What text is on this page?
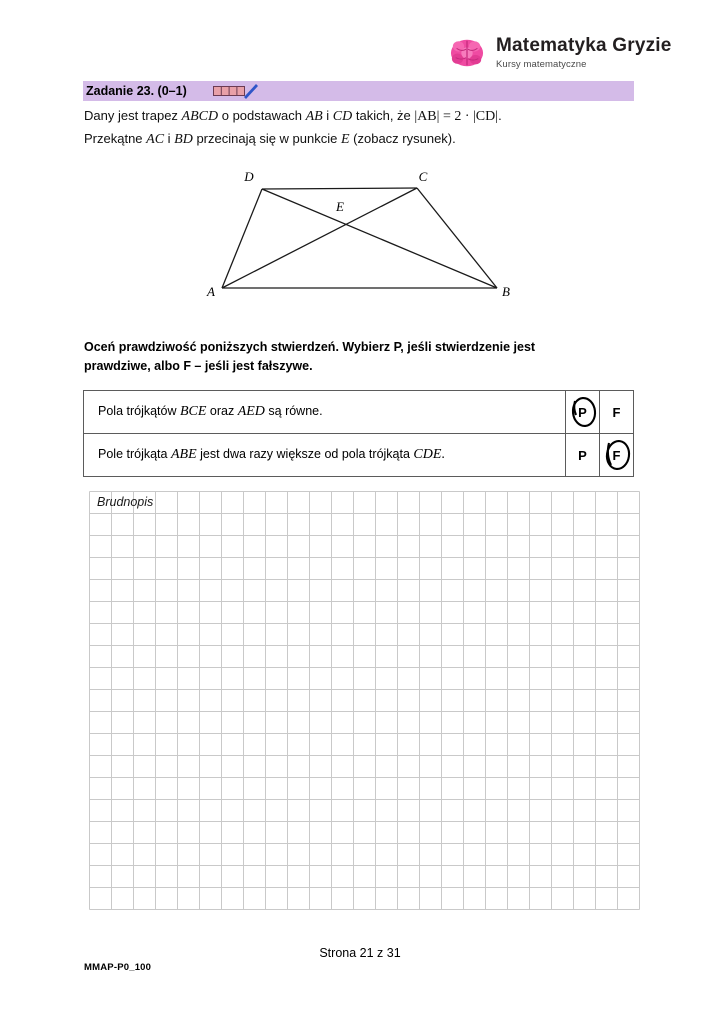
Matematyka Gryzie
Kursy matematyczne
Zadanie 23. (0–1)
Dany jest trapez ABCD o podstawach AB i CD takich, że |AB| = 2 · |CD|.
Przekątne AC i BD przecinają się w punkcie E (zobacz rysunek).
A	B
C
D
E
Oceń prawdziwość poniższych stwierdzeń. Wybierz P, jeśli stwierdzenie jest prawdziwe, albo F – jeśli jest fałszywe.
Pola trójkątów BCE oraz AED są równe.	P	F
Pole trójkąta ABE jest dwa razy większe od pola trójkąta CDE.	P	F
Brudnopis
Strona 21 z 31
MMAP-P0_100
